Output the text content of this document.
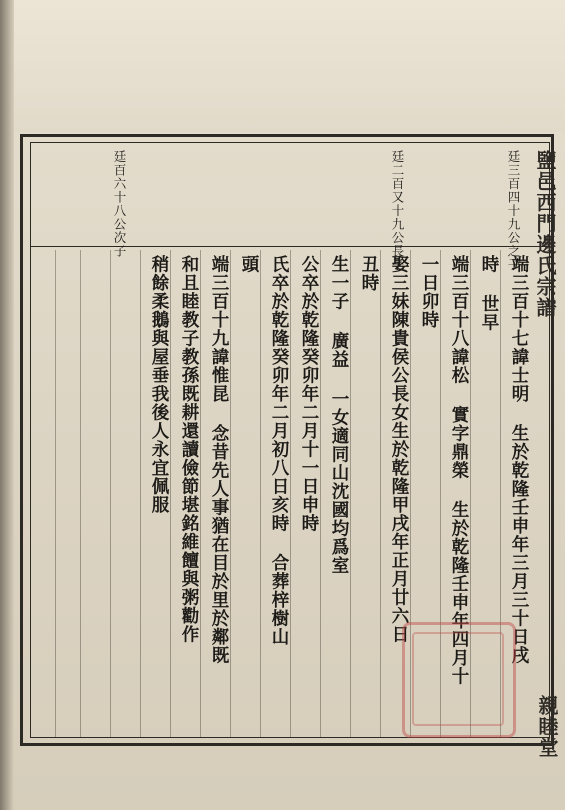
鹽邑西門邊氏宗譜
親睦堂
廷三百四十九公之子
廷二百又十九公長子
廷百六十八公次子
端三百十七諱士明 生於乾隆壬申年三月三十日戌
時 世早
端三百十八諱松 實字鼎榮 生於乾隆壬申年四月十
一日卯時
娶三妹陳貴侯公長女生於乾隆甲戌年正月廿六日
丑時
生一子 廣益 一女適同山沈國均爲室
公卒於乾隆癸卯年二月十一日申時
氏卒於乾隆癸卯年二月初八日亥時 合葬梓樹山
頭
端三百十九諱惟昆 念昔先人事猶在目於里於鄰既
和且睦教子教孫既耕還讀儉節堪銘維饘與粥勸作
稍餘柔鵝與屋垂我後人永宜佩服
